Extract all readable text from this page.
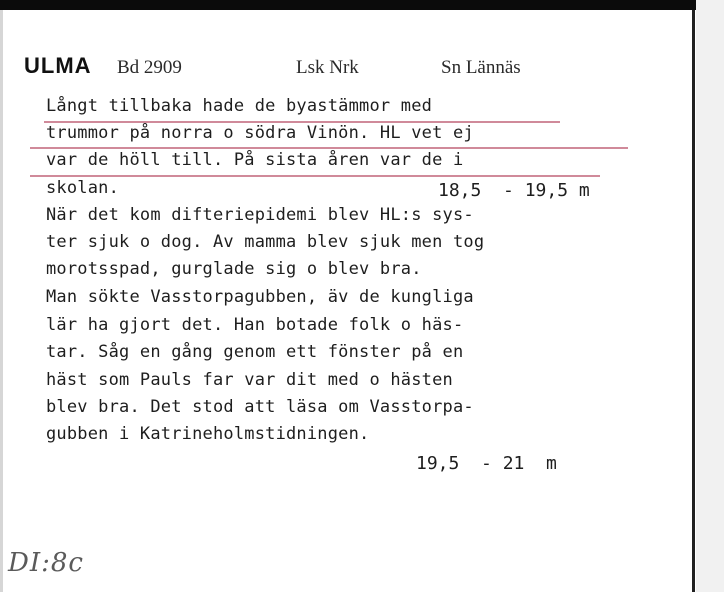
ULMA Bd 2909	Lsk Nrk	Sn Lännäs
Långt tillbaka hade de byastämmor med
trummor på norra o södra Vinön. HL vet ej
var de höll till. På sista åren var de i
skolan.	18,5  - 19,5 m
När det kom difteriepidemi blev HL:s sys-
ter sjuk o dog. Av mamma blev sjuk men tog
morotsspad, gurglade sig o blev bra.
Man sökte Vasstorpagubben, äv de kungliga
lär ha gjort det. Han botade folk o häs-
tar. Såg en gång genom ett fönster på en
häst som Pauls far var dit med o hästen
blev bra. Det stod att läsa om Vasstorpa-
gubben i Katrineholmstidningen.
19,5  - 21  m
DI:8c
